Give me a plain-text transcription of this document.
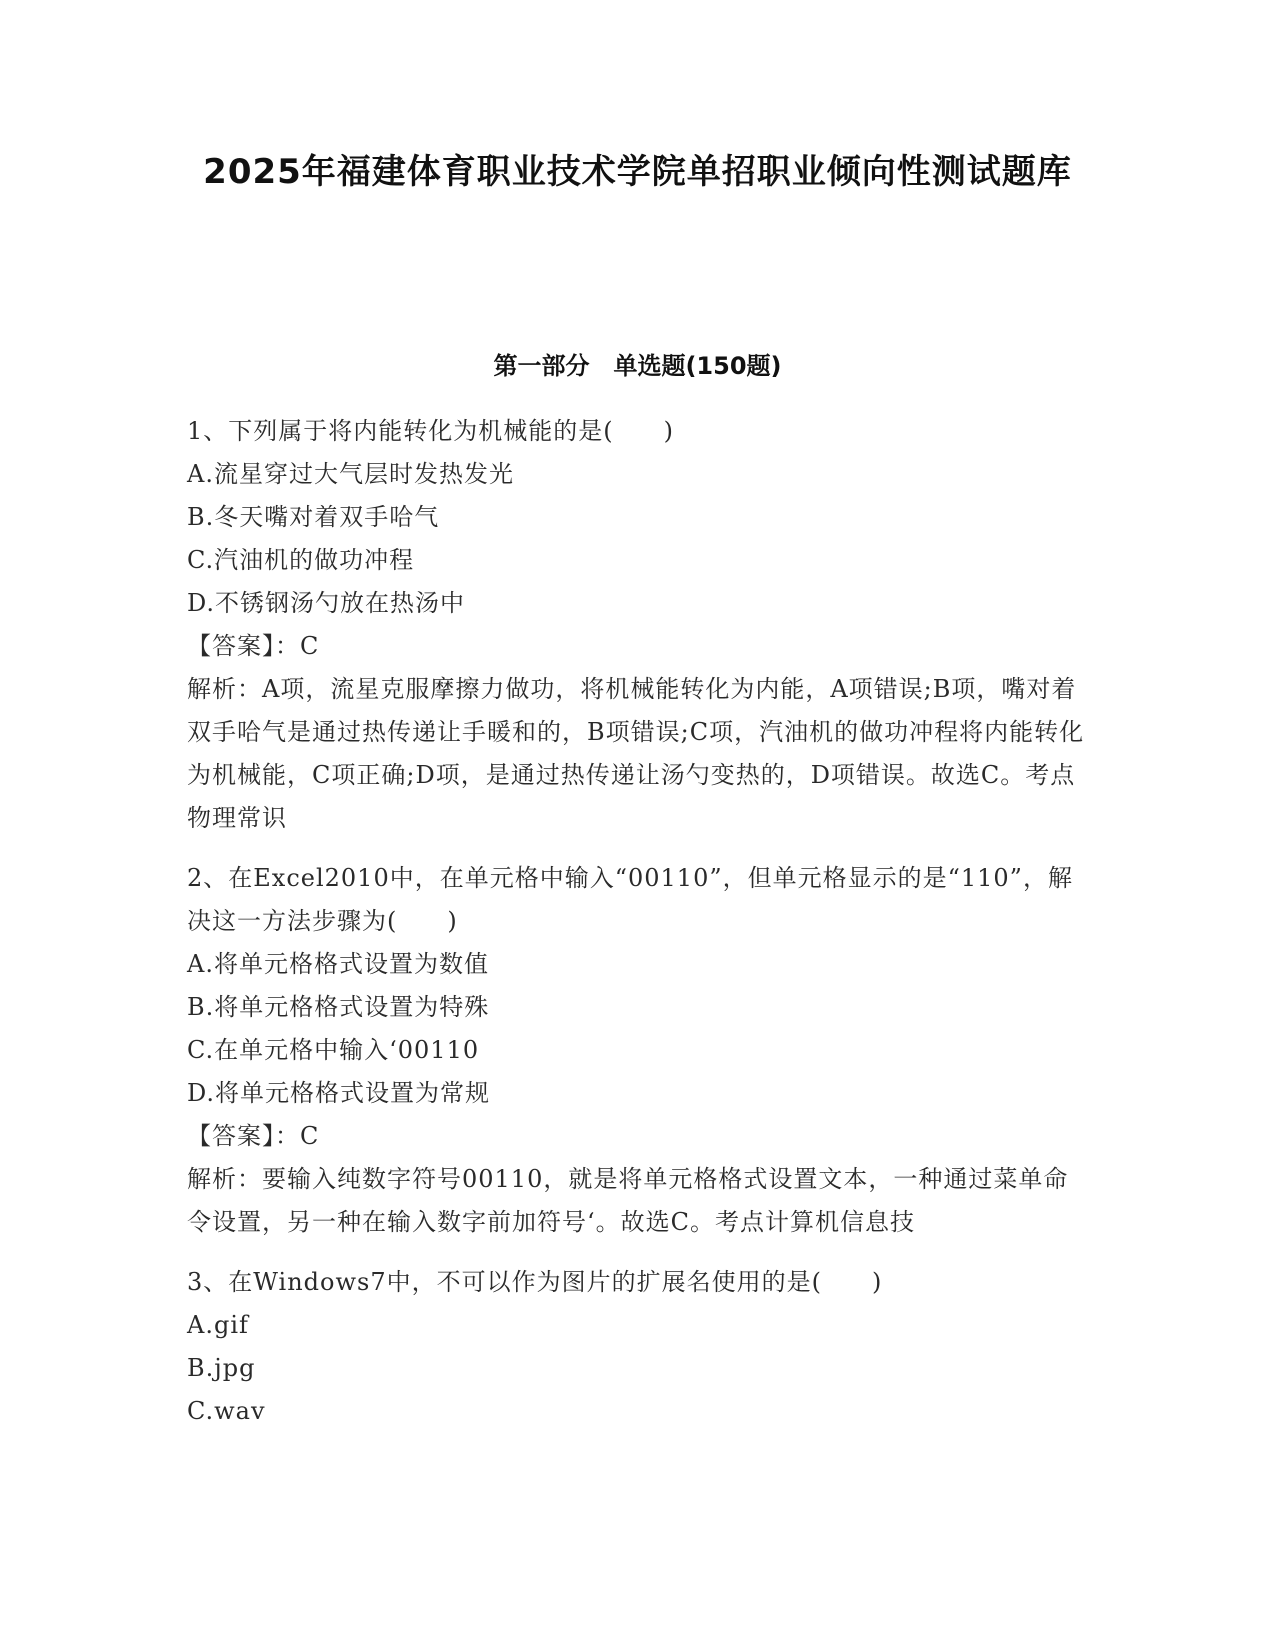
2025年福建体育职业技术学院单招职业倾向性测试题库
第一部分　单选题(150题)
1、下列属于将内能转化为机械能的是(　　)
A.流星穿过大气层时发热发光
B.冬天嘴对着双手哈气
C.汽油机的做功冲程
D.不锈钢汤勺放在热汤中
【答案】：C
解析：A项，流星克服摩擦力做功，将机械能转化为内能，A项错误;B项，嘴对着双手哈气是通过热传递让手暖和的，B项错误;C项，汽油机的做功冲程将内能转化为机械能，C项正确;D项，是通过热传递让汤勺变热的，D项错误。故选C。考点物理常识
2、在Excel2010中，在单元格中输入“00110”，但单元格显示的是“110”，解决这一方法步骤为(　　)
A.将单元格格式设置为数值
B.将单元格格式设置为特殊
C.在单元格中输入‘00110
D.将单元格格式设置为常规
【答案】：C
解析：要输入纯数字符号00110，就是将单元格格式设置文本，一种通过菜单命令设置，另一种在输入数字前加符号‘。故选C。考点计算机信息技
3、在Windows7中，不可以作为图片的扩展名使用的是(　　)
A.gif
B.jpg
C.wav
